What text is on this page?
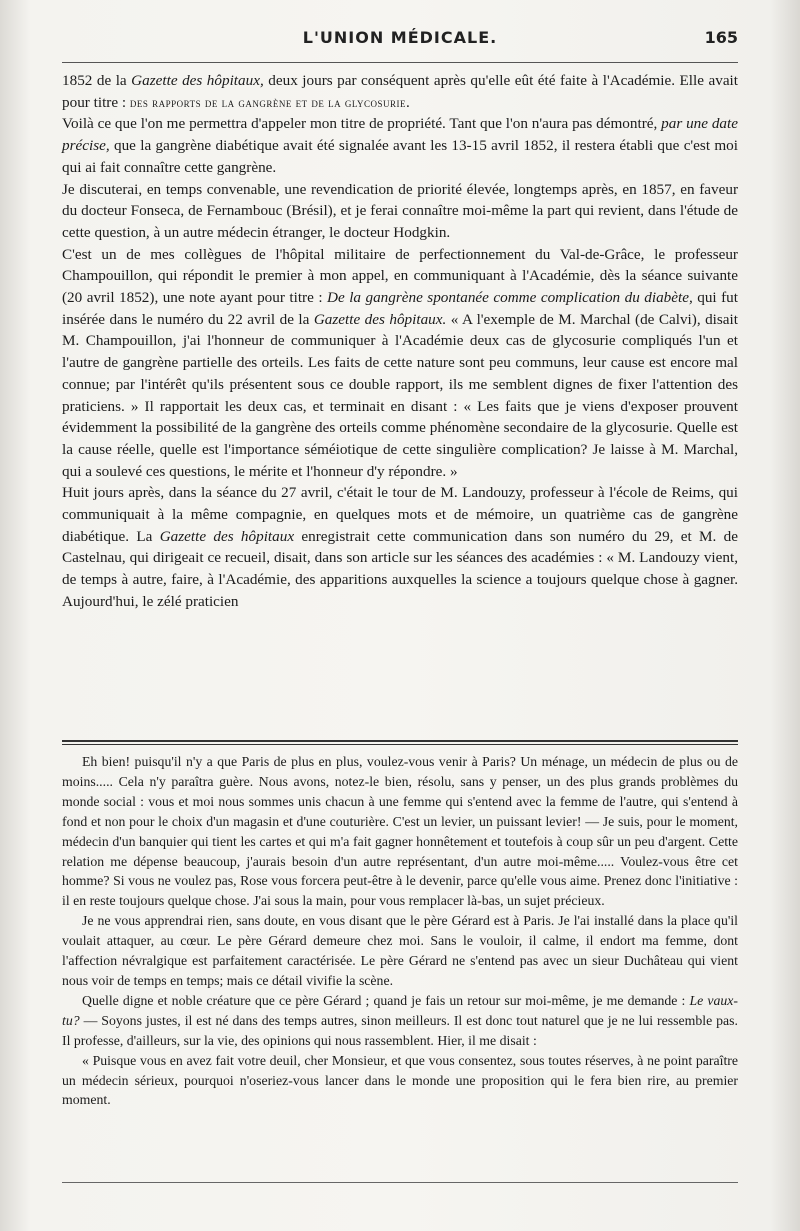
L'UNION MÉDICALE.	165

1852 de la Gazette des hôpitaux, deux jours par conséquent après qu'elle eût été faite à l'Académie. Elle avait pour titre : des rapports de la gangrène et de la glycosurie.

Voilà ce que l'on me permettra d'appeler mon titre de propriété. Tant que l'on n'aura pas démontré, par une date précise, que la gangrène diabétique avait été signalée avant les 13-15 avril 1852, il restera établi que c'est moi qui ai fait connaître cette gangrène.

Je discuterai, en temps convenable, une revendication de priorité élevée, longtemps après, en 1857, en faveur du docteur Fonseca, de Fernambouc (Brésil), et je ferai connaître moi-même la part qui revient, dans l'étude de cette question, à un autre médecin étranger, le docteur Hodgkin.

C'est un de mes collègues de l'hôpital militaire de perfectionnement du Val-de-Grâce, le professeur Champouillon, qui répondit le premier à mon appel, en communiquant à l'Académie, dès la séance suivante (20 avril 1852), une note ayant pour titre : De la gangrène spontanée comme complication du diabète, qui fut insérée dans le numéro du 22 avril de la Gazette des hôpitaux. « A l'exemple de M. Marchal (de Calvi), disait M. Champouillon, j'ai l'honneur de communiquer à l'Académie deux cas de glycosurie compliqués l'un et l'autre de gangrène partielle des orteils. Les faits de cette nature sont peu communs, leur cause est encore mal connue; par l'intérêt qu'ils présentent sous ce double rapport, ils me semblent dignes de fixer l'attention des praticiens. » Il rapportait les deux cas, et terminait en disant : « Les faits que je viens d'exposer prouvent évidemment la possibilité de la gangrène des orteils comme phénomène secondaire de la glycosurie. Quelle est la cause réelle, quelle est l'importance séméiotique de cette singulière complication? Je laisse à M. Marchal, qui a soulevé ces questions, le mérite et l'honneur d'y répondre. »

Huit jours après, dans la séance du 27 avril, c'était le tour de M. Landouzy, professeur à l'école de Reims, qui communiquait à la même compagnie, en quelques mots et de mémoire, un quatrième cas de gangrène diabétique. La Gazette des hôpitaux enregistrait cette communication dans son numéro du 29, et M. de Castelnau, qui dirigeait ce recueil, disait, dans son article sur les séances des académies : « M. Landouzy vient, de temps à autre, faire, à l'Académie, des apparitions auxquelles la science a toujours quelque chose à gagner. Aujourd'hui, le zélé praticien

Eh bien! puisqu'il n'y a que Paris de plus en plus, voulez-vous venir à Paris? Un ménage, un médecin de plus ou de moins..... Cela n'y paraîtra guère. Nous avons, notez-le bien, résolu, sans y penser, un des plus grands problèmes du monde social : vous et moi nous sommes unis chacun à une femme qui s'entend avec la femme de l'autre, qui s'entend à fond et non pour le choix d'un magasin et d'une couturière. C'est un levier, un puissant levier! — Je suis, pour le moment, médecin d'un banquier qui tient les cartes et qui m'a fait gagner honnêtement et toutefois à coup sûr un peu d'argent. Cette relation me dépense beaucoup, j'aurais besoin d'un autre représentant, d'un autre moi-même..... Voulez-vous être cet homme? Si vous ne voulez pas, Rose vous forcera peut-être à le devenir, parce qu'elle vous aime. Prenez donc l'initiative : il en reste toujours quelque chose. J'ai sous la main, pour vous remplacer là-bas, un sujet précieux.

Je ne vous apprendrai rien, sans doute, en vous disant que le père Gérard est à Paris. Je l'ai installé dans la place qu'il voulait attaquer, au cœur. Le père Gérard demeure chez moi. Sans le vouloir, il calme, il endort ma femme, dont l'affection névralgique est parfaitement caractérisée. Le père Gérard ne s'entend pas avec un sieur Duchâteau qui vient nous voir de temps en temps; mais ce détail vivifie la scène.

Quelle digne et noble créature que ce père Gérard ; quand je fais un retour sur moi-même, je me demande : Le vaux-tu? — Soyons justes, il est né dans des temps autres, sinon meilleurs. Il est donc tout naturel que je ne lui ressemble pas. Il professe, d'ailleurs, sur la vie, des opinions qui nous rassemblent. Hier, il me disait :

« Puisque vous en avez fait votre deuil, cher Monsieur, et que vous consentez, sous toutes réserves, à ne point paraître un médecin sérieux, pourquoi n'oseriez-vous lancer dans le monde une proposition qui le fera bien rire, au premier moment.
